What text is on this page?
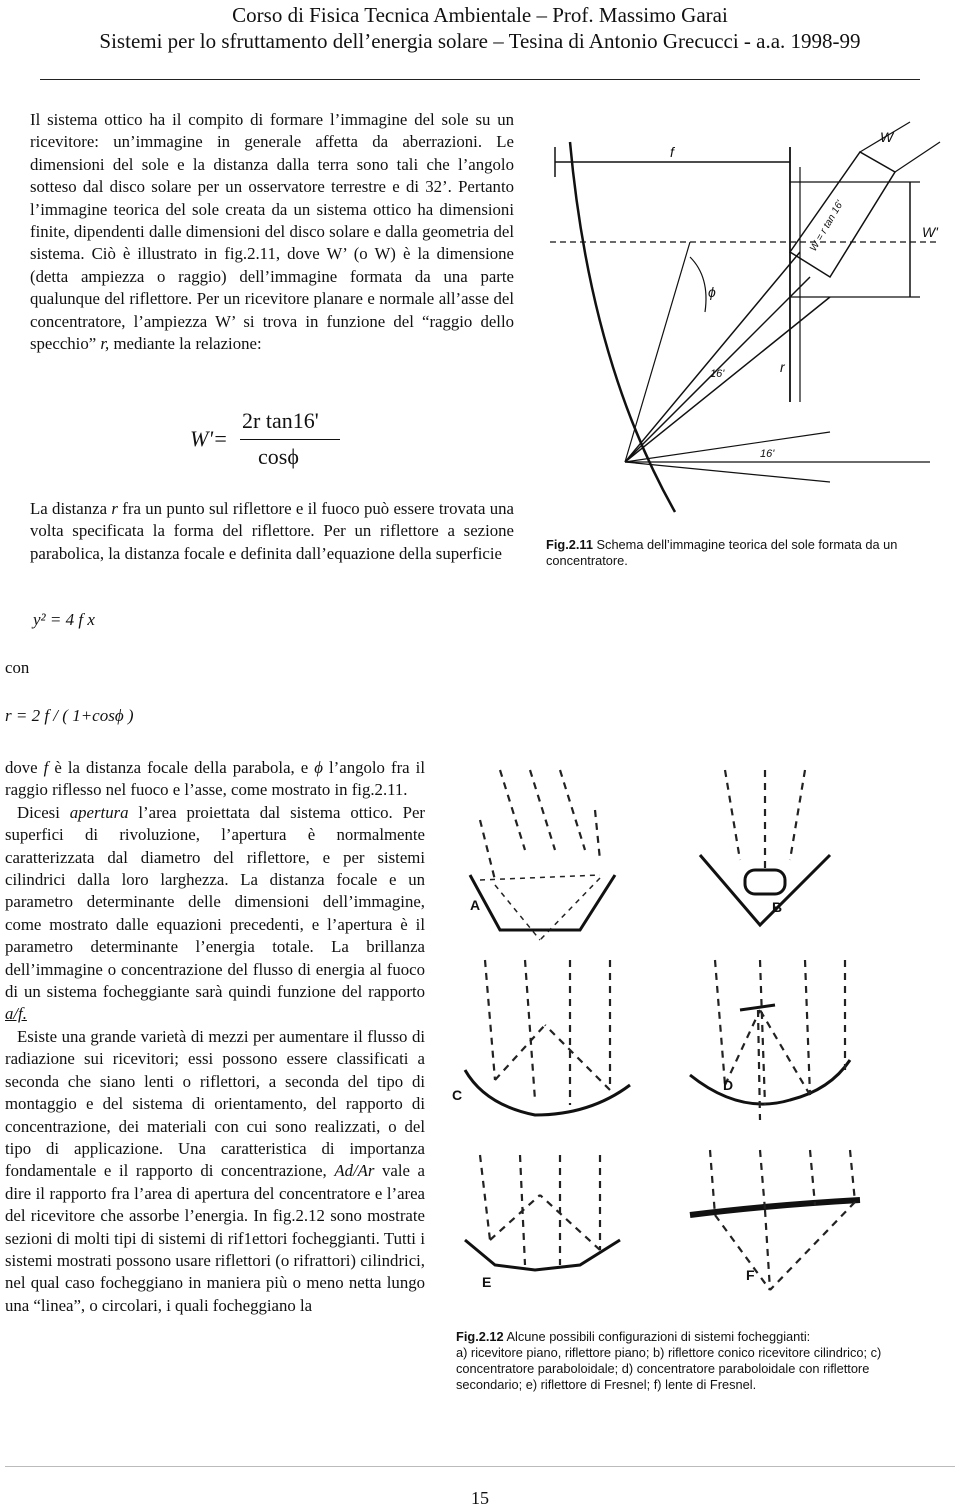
Corso di Fisica Tecnica Ambientale – Prof. Massimo Garai
Sistemi per lo sfruttamento dell’energia solare – Tesina di Antonio Grecucci - a.a. 1998-99

Il sistema ottico ha il compito di formare l’immagine del sole su un ricevitore: un’immagine in generale affetta da aberrazioni. Le dimensioni del sole e la distanza dalla terra sono tali che l’angolo sotteso dal disco solare per un osservatore terrestre e di 32’. Pertanto l’immagine teorica del sole creata da un sistema ottico ha dimensioni finite, dipendenti dalle dimensioni del disco solare e dalla geometria del sistema. Ciò è illustrato in fig.2.11, dove W’ (o W) è la dimensione (detta ampiezza o raggio) dell’immagine formata da una parte qualunque del riflettore. Per un ricevitore planare e normale all’asse del concentratore, l’ampiezza W’ si trova in funzione del “raggio dello specchio” r, mediante la relazione:

W'=
2r tan16'
cosϕ

La distanza r fra un punto sul riflettore e il fuoco può essere trovata una volta specificata la forma del riflettore. Per un riflettore a sezione parabolica, la distanza focale e definita dall’equazione della superficie

f
W
W'
ϕ
r
16'
16'
W = r tan 16'
Fig.2.11 Schema dell’immagine teorica del sole formata da un concentratore.
y² = 4 f x
con
r = 2 f / ( 1+cosϕ )

dove f è la distanza focale della parabola, e ϕ l’angolo fra il raggio riflesso nel fuoco e l’asse, come mostrato in fig.2.11.

Dicesi apertura l’area proiettata dal sistema ottico. Per superfici di rivoluzione, l’apertura è normalmente caratterizzata dal diametro del riflettore, e per sistemi cilindrici dalla loro larghezza. La distanza focale e un parametro determinante delle dimensioni dell’immagine, come mostrato dalle equazioni precedenti, e l’apertura è il parametro determinante l’energia totale. La brillanza dell’immagine o concentrazione del flusso di energia al fuoco di un sistema focheggiante sarà quindi funzione del rapporto a/f.

Esiste una grande varietà di mezzi per aumentare il flusso di radiazione sui ricevitori; essi possono essere classificati a seconda che siano lenti o riflettori, a seconda del tipo di montaggio e del sistema di orientamento, del rapporto di concentrazione, dei materiali con cui sono realizzati, o del tipo di applicazione. Una caratteristica di importanza fondamentale e il rapporto di concentrazione, Ad/Ar vale a dire il rapporto fra l’area di apertura del concentratore e l’area del ricevitore che assorbe l’energia. In fig.2.12 sono mostrate sezioni di molti tipi di sistemi di rif1ettori focheggianti. Tutti i sistemi mostrati possono usare riflettori (o rifrattori) cilindrici, nel qual caso focheggiano in maniera più o meno netta lungo una “linea”, o circolari, i quali focheggiano la

A	B
C
D
E	F
Fig.2.12 Alcune possibili configurazioni di sistemi focheggianti:
a) ricevitore piano, riflettore piano; b) riflettore conico ricevitore cilindrico; c) concentratore paraboloidale; d) concentratore paraboloidale con riflettore secondario; e) riflettore di Fresnel; f) lente di Fresnel.
15
